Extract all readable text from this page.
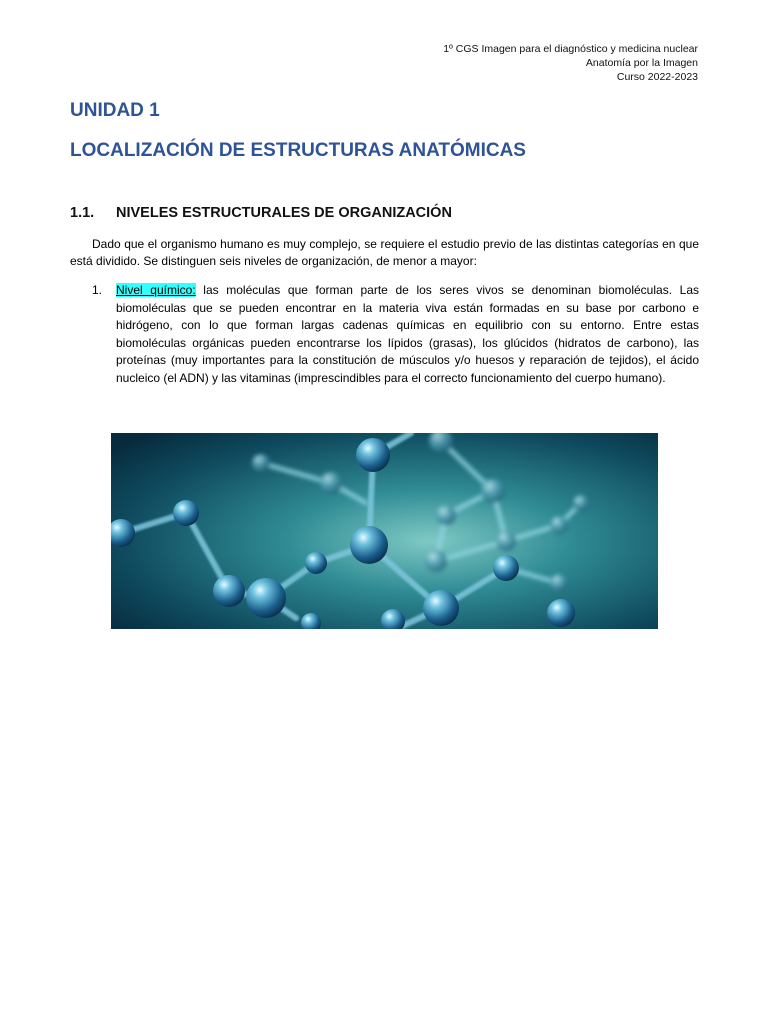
1º CGS Imagen para el diagnóstico y medicina nuclear
Anatomía por la Imagen
Curso 2022-2023
UNIDAD 1
LOCALIZACIÓN DE ESTRUCTURAS ANATÓMICAS
1.1. NIVELES ESTRUCTURALES DE ORGANIZACIÓN

Dado que el organismo humano es muy complejo, se requiere el estudio previo de las distintas categorías en que está dividido. Se distinguen seis niveles de organización, de menor a mayor:

1. Nivel químico: las moléculas que forman parte de los seres vivos se denominan biomoléculas. Las biomoléculas que se pueden encontrar en la materia viva están formadas en su base por carbono e hidrógeno, con lo que forman largas cadenas químicas en equilibrio con su entorno. Entre estas biomoléculas orgánicas pueden encontrarse los lípidos (grasas), los glúcidos (hidratos de carbono), las proteínas (muy importantes para la constitución de músculos y/o huesos y reparación de tejidos), el ácido nucleico (el ADN) y las vitaminas (imprescindibles para el correcto funcionamiento del cuerpo humano).
